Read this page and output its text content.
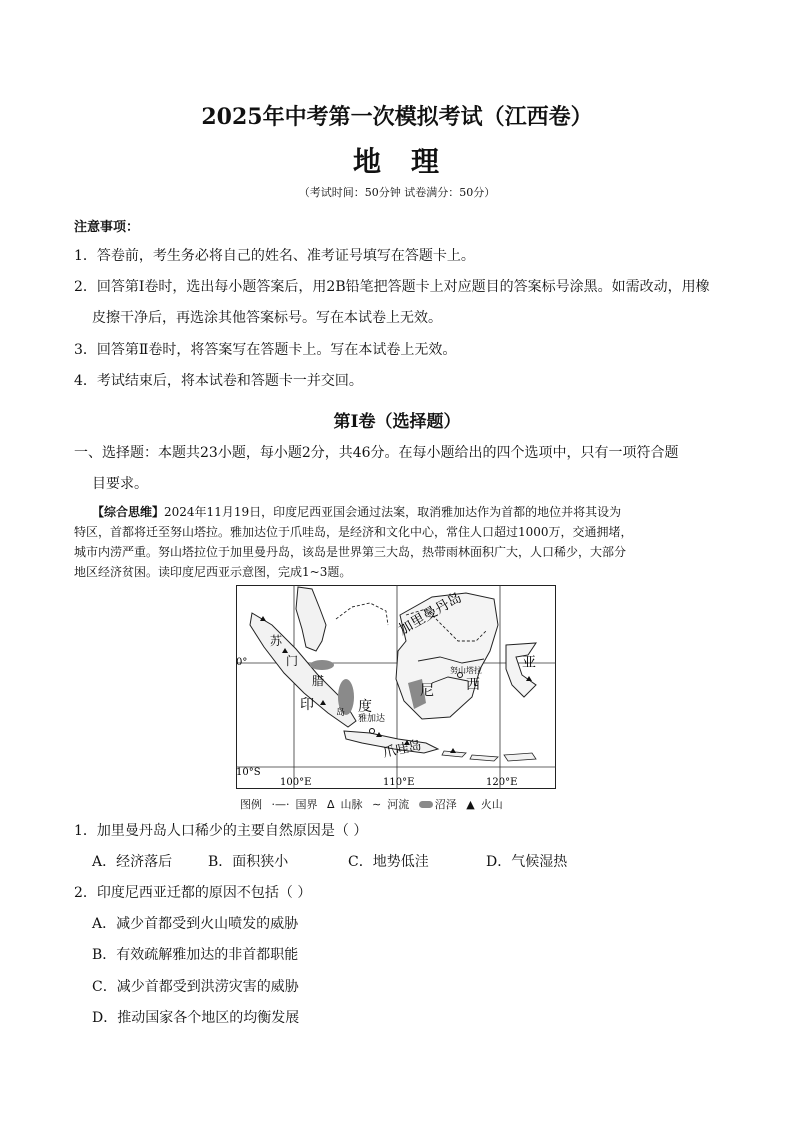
2025年中考第一次模拟考试（江西卷）
地 理
（考试时间：50分钟 试卷满分：50分）
注意事项：
1．答卷前，考生务必将自己的姓名、准考证号填写在答题卡上。
2．回答第Ⅰ卷时，选出每小题答案后，用2B铅笔把答题卡上对应题目的答案标号涂黑。如需改动，用橡
皮擦干净后，再选涂其他答案标号。写在本试卷上无效。
3．回答第Ⅱ卷时，将答案写在答题卡上。写在本试卷上无效。
4．考试结束后，将本试卷和答题卡一并交回。
第Ⅰ卷（选择题）
一、选择题：本题共23小题，每小题2分，共46分。在每小题给出的四个选项中，只有一项符合题
目要求。
【综合思维】2024年11月19日，印度尼西亚国会通过法案，取消雅加达作为首都的地位并将其设为
特区，首都将迁至努山塔拉。雅加达位于爪哇岛，是经济和文化中心，常住人口超过1000万，交通拥堵，
城市内涝严重。努山塔拉位于加里曼丹岛，该岛是世界第三大岛，热带雨林面积广大，人口稀少，大部分
地区经济贫困。读印度尼西亚示意图，完成1~3题。
加里曼丹岛
努山塔拉
雅加达
爪哇岛
0°
10°S
100°E	110°E	120°E
苏
门
腊
印	度
尼 西
亚
岛
图例 ·—· 国界 ᐃ 山脉 ∼ 河流 沼泽 ▲ 火山
1．加里曼丹岛人口稀少的主要自然原因是（ ）
A．经济落后	B．面积狭小	C．地势低洼	D．气候湿热
2．印度尼西亚迁都的原因不包括（ ）
A．减少首都受到火山喷发的威胁
B．有效疏解雅加达的非首都职能
C．减少首都受到洪涝灾害的威胁
D．推动国家各个地区的均衡发展
